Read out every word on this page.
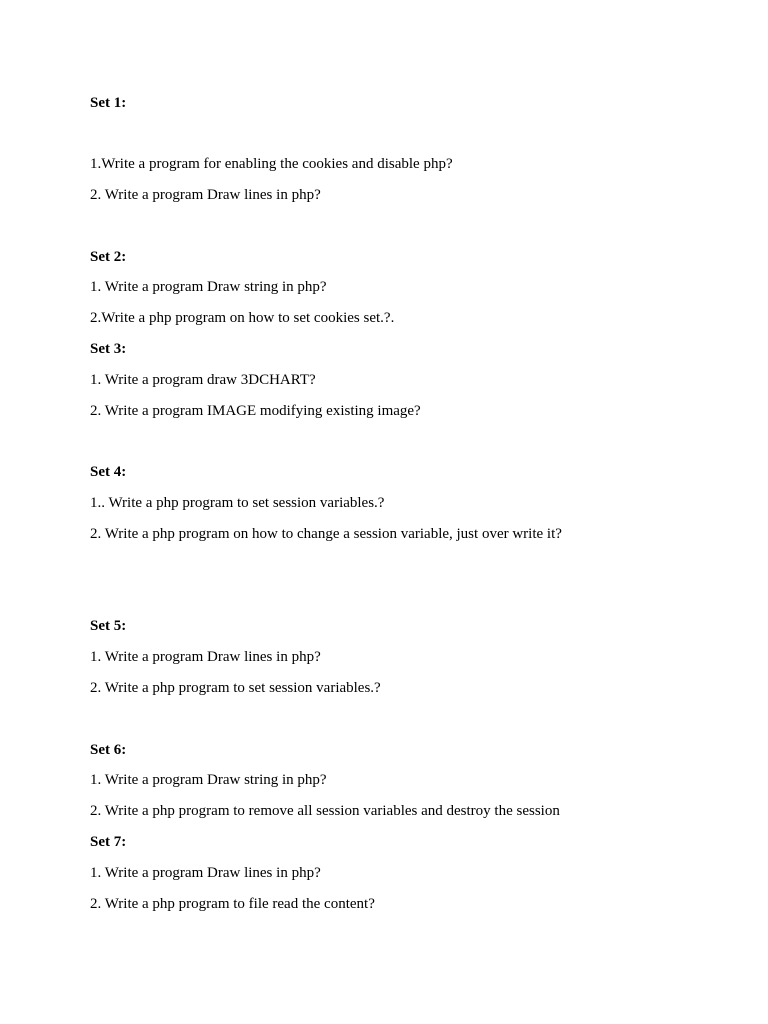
Set 1:
1.Write a program for enabling the cookies and disable php?
2. Write a program Draw lines in php?
Set 2:
1. Write a program Draw string in php?
2.Write a php program on how to set cookies set.?.
Set 3:
1. Write a program draw 3DCHART?
2. Write a program IMAGE modifying existing image?
Set 4:
1.. Write a php program to set session variables.?
2. Write a php program on how to change a session variable, just over write it?
Set 5:
1. Write a program Draw lines in php?
2. Write a php program to set session variables.?
Set 6:
1. Write a program Draw string in php?
2. Write a php program to remove all session variables and destroy the session
Set 7:
1. Write a program Draw lines in php?
2. Write a php program to file read the content?
